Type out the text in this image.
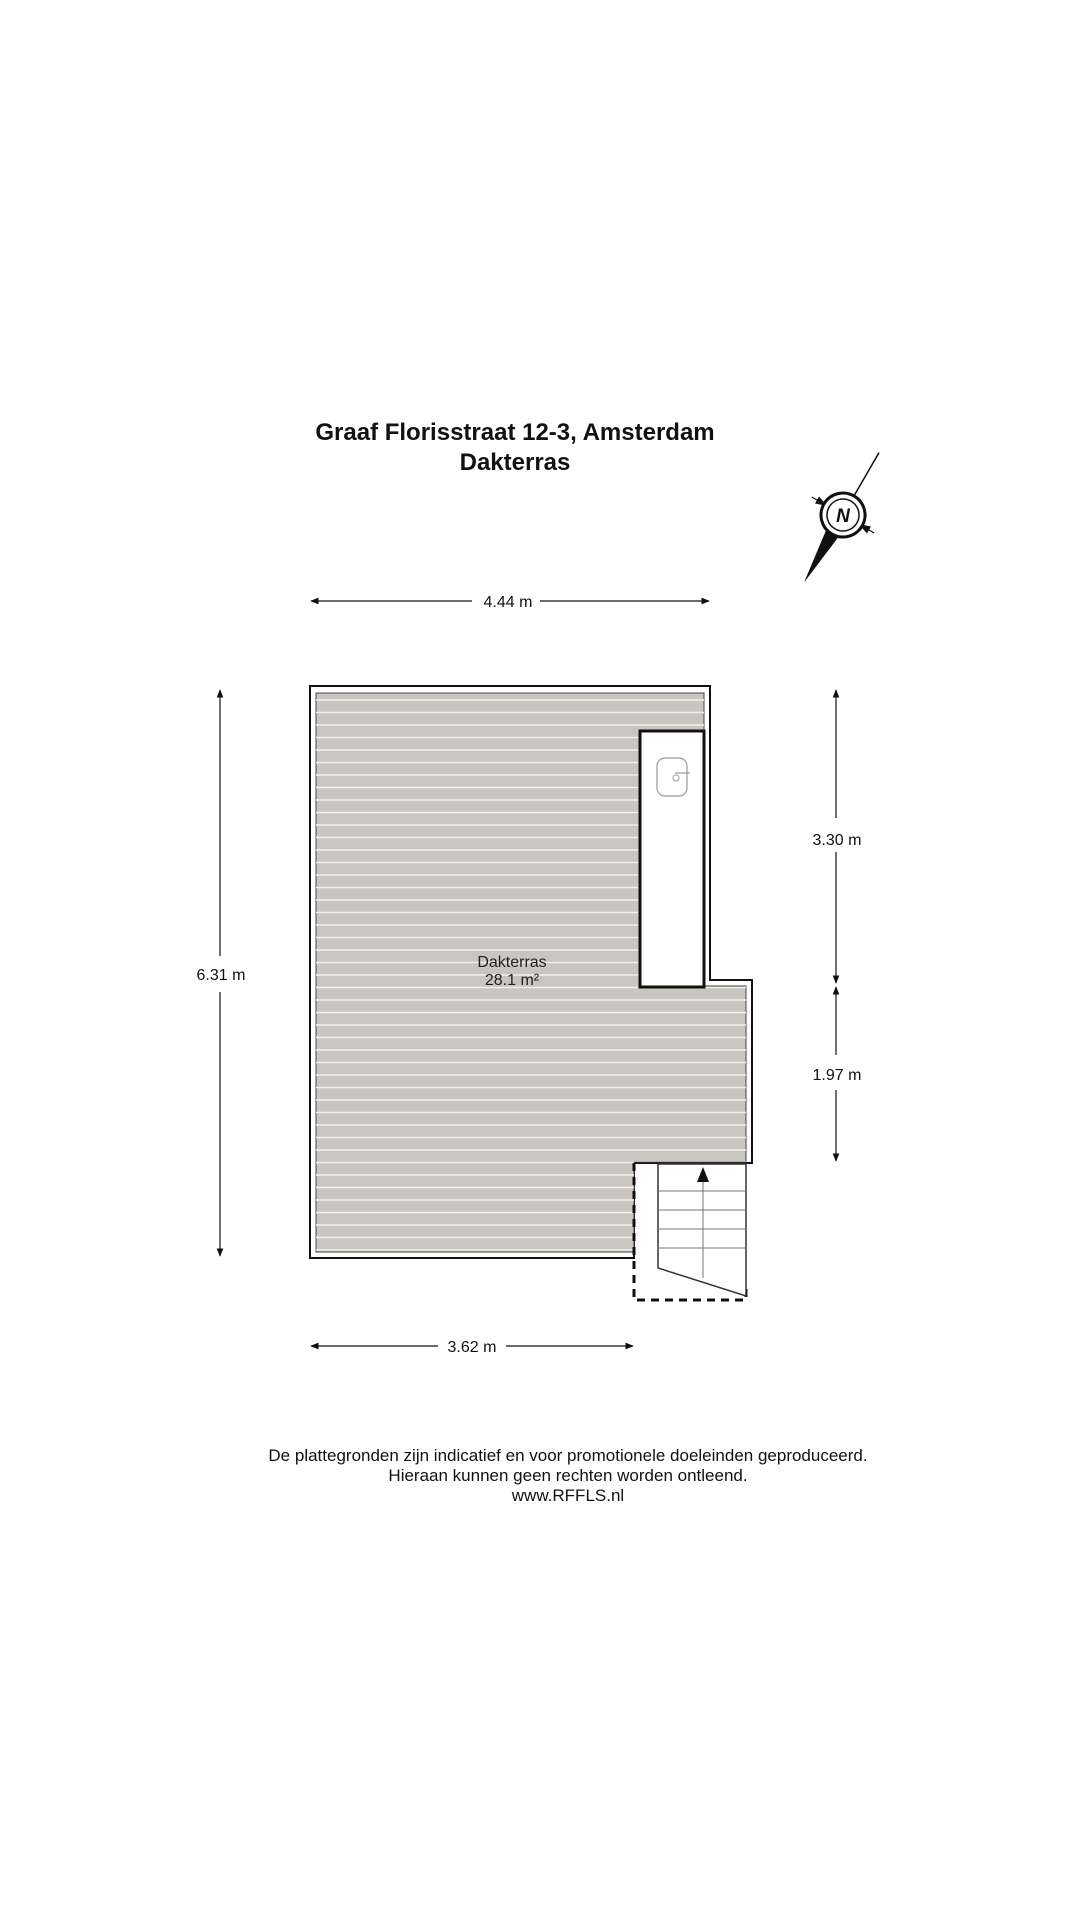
Graaf Florisstraat 12-3, Amsterdam
Dakterras
Dakterras
28.1 m²
4.44 m
3.62 m
6.31 m
3.30 m
1.97 m
N
De plattegronden zijn indicatief en voor promotionele doeleinden geproduceerd.
Hieraan kunnen geen rechten worden ontleend.
www.RFFLS.nl
